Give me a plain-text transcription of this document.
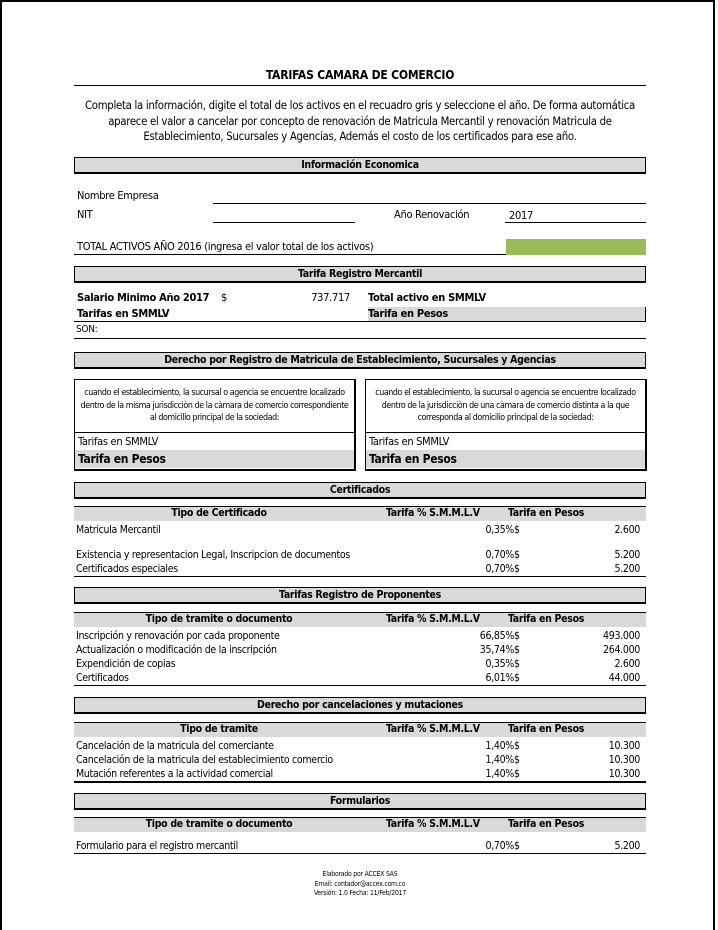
TARIFAS CAMARA DE COMERCIO
Completa la información, digite el total de los activos en el recuadro gris y seleccione el año. De forma automática aparece el valor a cancelar por concepto de renovación de Matricula Mercantil y renovación Matricula de Establecimiento, Sucursales y Agencias, Además el costo de los certificados para ese año.
Información Economica
Nombre Empresa
NIT	Año Renovación	2017
TOTAL ACTIVOS AÑO 2016 (ingresa el valor total de los activos)
Tarifa Registro Mercantil
Salario Minimo Año 2017 $	737.717 Total activo en SMMLV
Tarifas en SMMLV	Tarifa en Pesos
SON:
Derecho por Registro de Matricula de Establecimiento, Sucursales y Agencias
cuando el establecimiento, la sucursal o agencia se encuentre localizado dentro de la misma jurisdicciòn de la càmara de comercio correspondiente al domicilio principal de la sociedad:
Tarifas en SMMLV
Tarifa en Pesos
cuando el establecimiento, la sucursal o agencia se encuentre localizado dentro de la jurisdicciòn de una càmara de comercio distinta a la que corresponda al domicilio principal de la sociedad:
Tarifas en SMMLV
Tarifa en Pesos
Certificados
Tipo de Certificado	Tarifa % S.M.M.L.V	Tarifa en Pesos
Matricula Mercantil	0,35% $	2.600
Existencia y representacion Legal, Inscripcion de documentos	0,70% $	5.200
Certificados especiales	0,70% $	5.200
Tarifas Registro de Proponentes
Tipo de tramite o documento	Tarifa % S.M.M.L.V	Tarifa en Pesos
Inscripción y renovación por cada proponente	66,85% $	493.000
Actualización o modificación de la inscripción	35,74% $	264.000
Expendición de copias	0,35% $	2.600
Certificados	6,01% $	44.000
Derecho por cancelaciones y mutaciones
Tipo de tramite	Tarifa % S.M.M.L.V	Tarifa en Pesos
Cancelación de la matricula del comerciante	1,40% $	10.300
Cancelación de la matricula del establecimiento comercio	1,40% $	10.300
Mutación referentes a la actividad comercial	1,40% $	10.300
Formularios
Tipo de tramite o documento	Tarifa % S.M.M.L.V	Tarifa en Pesos
Formulario para el registro mercantil	0,70% $	5.200
Elaborado por ACCEX SAS
Email: contador@accex.com.co
Versión: 1.0 Fecha: 11/Feb/2017
